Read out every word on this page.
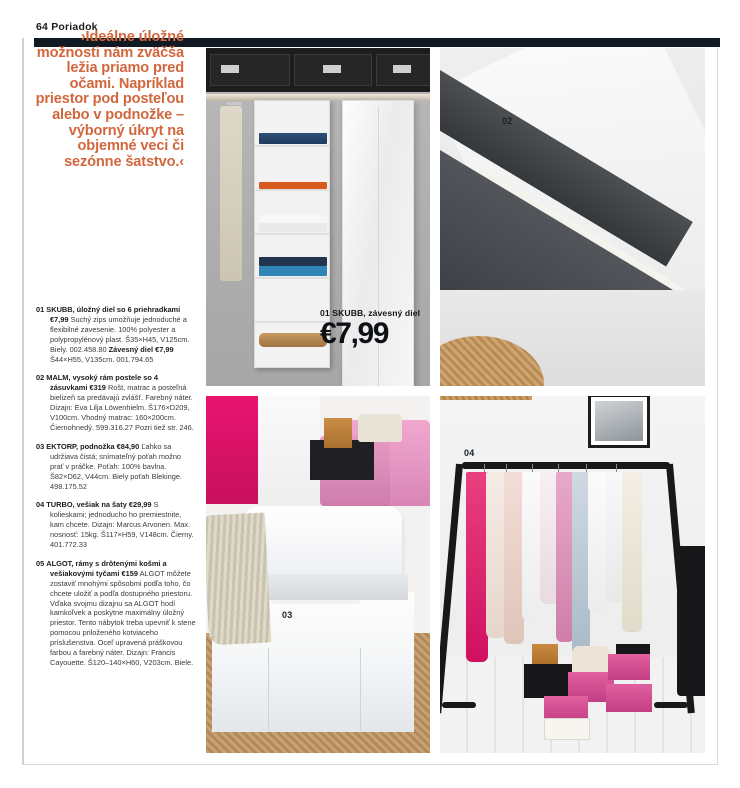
64 Poriadok
›Ideálne úložné možnosti nám zväčša ležia priamo pred očami. Napríklad priestor pod posteľou alebo v podnožke – výborný úkryt na objemné veci či sezónne šatstvo.‹
01 SKUBB, úložný diel so 6 priehradkami €7,99 Suchý zips umožňuje jednoduché a flexibilné zavesenie. 100% polyester a polypropylénový plast. Š35×H45, V125cm. Biely. 002.458.80 Závesný diel €7,99 Š44×H55, V135cm. 001.794.65
02 MALM, vysoký rám postele so 4 zásuvkami €319 Rošt, matrac a posteľná bielizeň sa predávajú zvlášť. Farebný náter. Dizajn: Eva Lilja Löwenhielm. Š176×D209, V100cm. Vhodný matrac: 160×200cm. Čiernohnedý. 599.316.27 Pozri tiež str. 246.
03 EKTORP, podnožka €84,90 Ľahko sa udržiava čistá; snímateľný poťah možno prať v práčke. Poťah: 100% bavlna. Š82×D62, V44cm. Biely poťah Blekinge. 498.175.52
04 TURBO, vešiak na šaty €29,99 S kolieskami; jednoducho ho premiestnite, kam chcete. Dizajn: Marcus Arvonen. Max. nosnosť: 15kg. Š117×H59, V148cm. Čierny. 401.772.33
05 ALGOT, rámy s drôtenými košmi a vešiakovými tyčami €159 ALGOT môžete zostaviť mnohými spôsobmi podľa toho, čo chcete uložiť a podľa dostupného priestoru. Vďaka svojmu dizajnu sa ALGOT hodí kamkoľvek a poskytne maximálny úložný priestor. Tento nábytok treba upevniť k stene pomocou priloženého kotviaceho príslušenstva. Oceľ upravená práškovou farbou a farebný náter. Dizajn: Francis Cayouette. Š120–140×H60, V203cm. Biele.
01 SKUBB, závesný diel
€7,99
02
03
04
